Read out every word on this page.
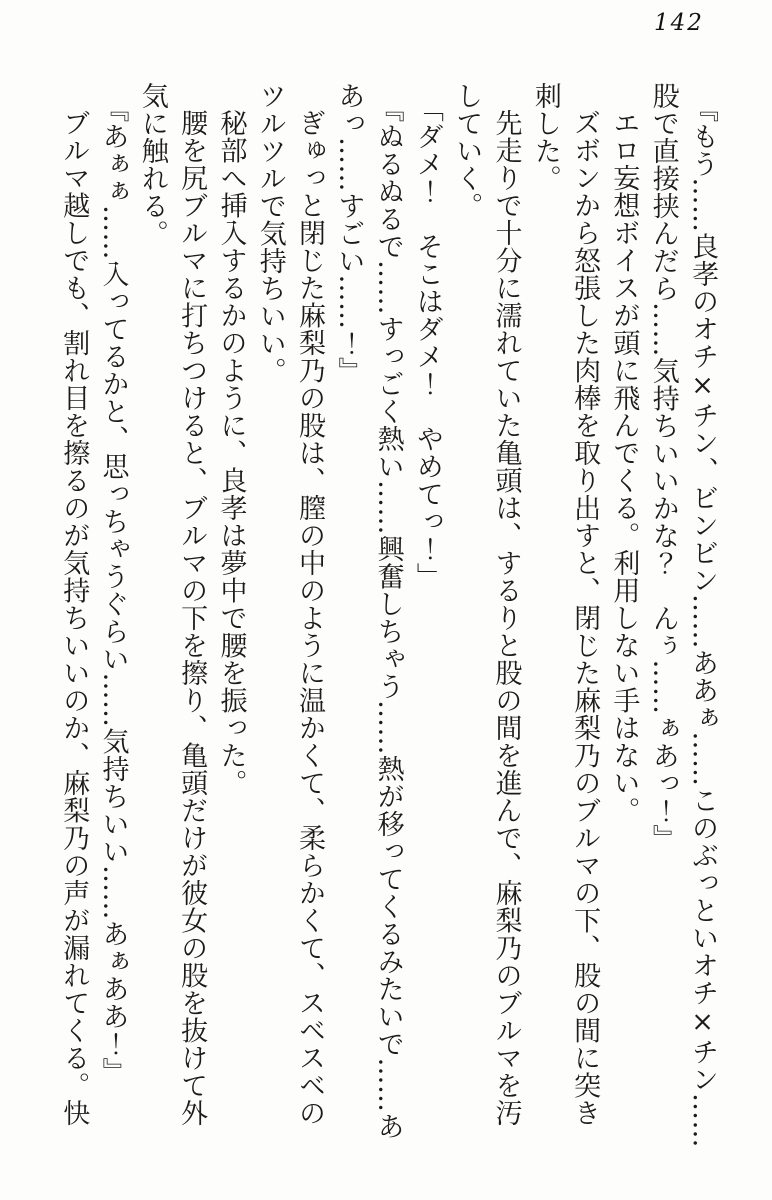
142

『もう……良孝のオチ×チン、ビンビン……ああぁ……このぶっといオチ×チン……

股で直接挟んだら……気持ちいいかな？　んぅ……ぁあっ！』

エロ妄想ボイスが頭に飛んでくる。利用しない手はない。

ズボンから怒張した肉棒を取り出すと、閉じた麻梨乃のブルマの下、股の間に突き

刺した。

先走りで十分に濡れていた亀頭は、するりと股の間を進んで、麻梨乃のブルマを汚

していく。

「ダメ！　そこはダメ！　やめてっ！」

『ぬるぬるで……すっごく熱い……興奮しちゃう……熱が移ってくるみたいで……あ

あっ……すごい……！』

ぎゅっと閉じた麻梨乃の股は、膣の中のように温かくて、柔らかくて、スベスベの

ツルツルで気持ちいい。

秘部へ挿入するかのように、良孝は夢中で腰を振った。

腰を尻ブルマに打ちつけると、ブルマの下を擦り、亀頭だけが彼女の股を抜けて外

気に触れる。

『あぁぁ……入ってるかと、思っちゃうぐらい……気持ちいい……あぁああ！』

ブルマ越しでも、割れ目を擦るのが気持ちいいのか、麻梨乃の声が漏れてくる。快
